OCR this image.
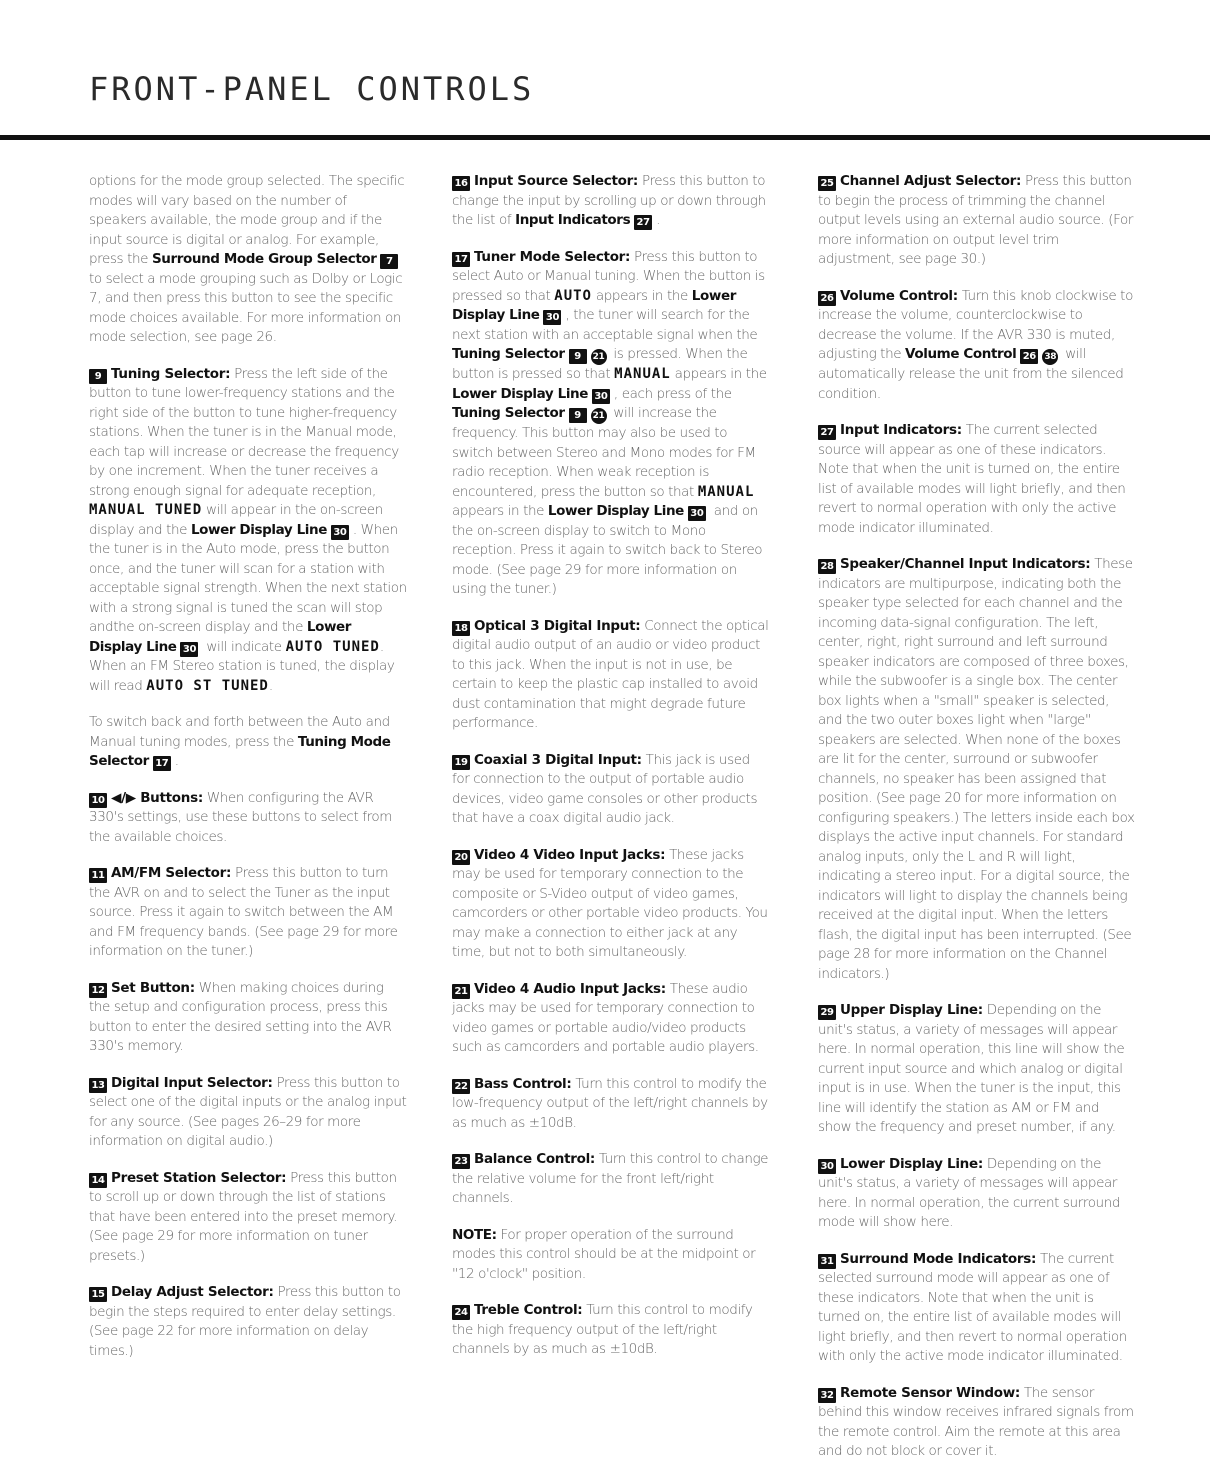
FRONT-PANEL CONTROLS

options for the mode group selected. The specific modes will vary based on the number of speakers available, the mode group and if the input source is digital or analog. For example, press the Surround Mode Group Selector 7 to select a mode grouping such as Dolby or Logic 7, and then press this button to see the specific mode choices available. For more information on mode selection, see page 26.

9 Tuning Selector: Press the left side of the button to tune lower-frequency stations and the right side of the button to tune higher-frequency stations. When the tuner is in the Manual mode, each tap will increase or decrease the frequency by one increment. When the tuner receives a strong enough signal for adequate reception, MANUAL TUNED will appear in the on-screen display and the Lower Display Line 30 . When the tuner is in the Auto mode, press the button once, and the tuner will scan for a station with acceptable signal strength. When the next station with a strong signal is tuned the scan will stop andthe on-screen display and the Lower Display Line 30 will indicate AUTO TUNED. When an FM Stereo station is tuned, the display will read AUTO ST TUNED.

To switch back and forth between the Auto and Manual tuning modes, press the Tuning Mode Selector 17 .

10 ◀/▶ Buttons: When configuring the AVR 330's settings, use these buttons to select from the available choices.

11 AM/FM Selector: Press this button to turn the AVR on and to select the Tuner as the input source. Press it again to switch between the AM and FM frequency bands. (See page 29 for more information on the tuner.)

12 Set Button: When making choices during the setup and configuration process, press this button to enter the desired setting into the AVR 330's memory.

13 Digital Input Selector: Press this button to select one of the digital inputs or the analog input for any source. (See pages 26–29 for more information on digital audio.)

14 Preset Station Selector: Press this button to scroll up or down through the list of stations that have been entered into the preset memory. (See page 29 for more information on tuner presets.)

15 Delay Adjust Selector: Press this button to begin the steps required to enter delay settings. (See page 22 for more information on delay times.)

16 Input Source Selector: Press this button to change the input by scrolling up or down through the list of Input Indicators 27 .

17 Tuner Mode Selector: Press this button to select Auto or Manual tuning. When the button is pressed so that AUTO appears in the Lower Display Line 30 , the tuner will search for the next station with an acceptable signal when the Tuning Selector 9 21 is pressed. When the button is pressed so that MANUAL appears in the Lower Display Line 30 , each press of the Tuning Selector 9 21 will increase the frequency. This button may also be used to switch between Stereo and Mono modes for FM radio reception. When weak reception is encountered, press the button so that MANUAL appears in the Lower Display Line 30 and on the on-screen display to switch to Mono reception. Press it again to switch back to Stereo mode. (See page 29 for more information on using the tuner.)

18 Optical 3 Digital Input: Connect the optical digital audio output of an audio or video product to this jack. When the input is not in use, be certain to keep the plastic cap installed to avoid dust contamination that might degrade future performance.

19 Coaxial 3 Digital Input: This jack is used for connection to the output of portable audio devices, video game consoles or other products that have a coax digital audio jack.

20 Video 4 Video Input Jacks: These jacks may be used for temporary connection to the composite or S-Video output of video games, camcorders or other portable video products. You may make a connection to either jack at any time, but not to both simultaneously.

21 Video 4 Audio Input Jacks: These audio jacks may be used for temporary connection to video games or portable audio/video products such as camcorders and portable audio players.

22 Bass Control: Turn this control to modify the low-frequency output of the left/right channels by as much as ±10dB.

23 Balance Control: Turn this control to change the relative volume for the front left/right channels.

NOTE: For proper operation of the surround modes this control should be at the midpoint or "12 o'clock" position.

24 Treble Control: Turn this control to modify the high frequency output of the left/right channels by as much as ±10dB.

25 Channel Adjust Selector: Press this button to begin the process of trimming the channel output levels using an external audio source. (For more information on output level trim adjustment, see page 30.)

26 Volume Control: Turn this knob clockwise to increase the volume, counterclockwise to decrease the volume. If the AVR 330 is muted, adjusting the Volume Control 26 38 will automatically release the unit from the silenced condition.

27 Input Indicators: The current selected source will appear as one of these indicators. Note that when the unit is turned on, the entire list of available modes will light briefly, and then revert to normal operation with only the active mode indicator illuminated.

28 Speaker/Channel Input Indicators: These indicators are multipurpose, indicating both the speaker type selected for each channel and the incoming data-signal configuration. The left, center, right, right surround and left surround speaker indicators are composed of three boxes, while the subwoofer is a single box. The center box lights when a "small" speaker is selected, and the two outer boxes light when "large" speakers are selected. When none of the boxes are lit for the center, surround or subwoofer channels, no speaker has been assigned that position. (See page 20 for more information on configuring speakers.) The letters inside each box displays the active input channels. For standard analog inputs, only the L and R will light, indicating a stereo input. For a digital source, the indicators will light to display the channels being received at the digital input. When the letters flash, the digital input has been interrupted. (See page 28 for more information on the Channel indicators.)

29 Upper Display Line: Depending on the unit's status, a variety of messages will appear here. In normal operation, this line will show the current input source and which analog or digital input is in use. When the tuner is the input, this line will identify the station as AM or FM and show the frequency and preset number, if any.

30 Lower Display Line: Depending on the unit's status, a variety of messages will appear here. In normal operation, the current surround mode will show here.

31 Surround Mode Indicators: The current selected surround mode will appear as one of these indicators. Note that when the unit is turned on, the entire list of available modes will light briefly, and then revert to normal operation with only the active mode indicator illuminated.

32 Remote Sensor Window: The sensor behind this window receives infrared signals from the remote control. Aim the remote at this area and do not block or cover it.
